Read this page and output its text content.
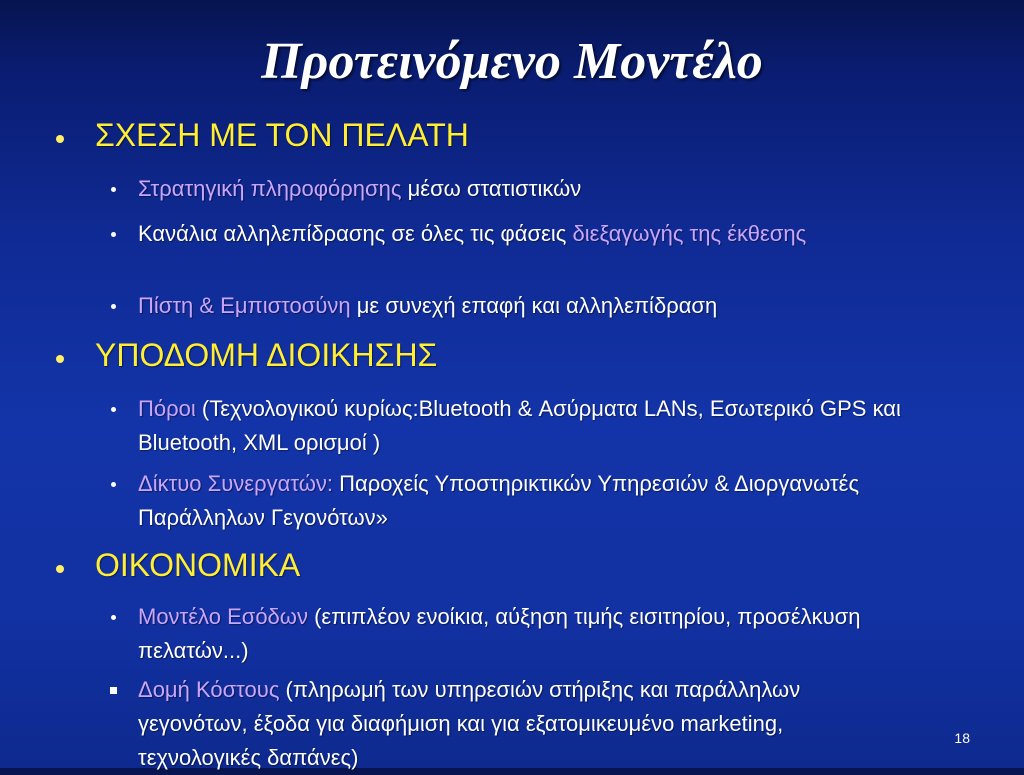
Προτεινόμενο Μοντέλο
ΣΧΕΣΗ ΜΕ ΤΟΝ ΠΕΛΑΤΗ
Στρατηγική πληροφόρησης μέσω στατιστικών
Κανάλια αλληλεπίδρασης σε όλες τις φάσεις διεξαγωγής της έκθεσης
Πίστη & Εμπιστοσύνη με συνεχή επαφή και αλληλεπίδραση
ΥΠΟΔΟΜΗ ΔΙΟΙΚΗΣΗΣ
Πόροι (Τεχνολογικού κυρίως:Bluetooth & Ασύρματα LANs, Εσωτερικό GPS και Bluetooth, XML ορισμοί )
Δίκτυο Συνεργατών: Παροχείς Υποστηρικτικών Υπηρεσιών & Διοργανωτές Παράλληλων Γεγονότων»
ΟΙΚΟΝΟΜΙΚΑ
Μοντέλο Εσόδων (επιπλέον ενοίκια, αύξηση τιμής εισιτηρίου, προσέλκυση πελατών...)
Δομή Κόστους (πληρωμή των υπηρεσιών στήριξης και παράλληλων γεγονότων, έξοδα για διαφήμιση και για εξατομικευμένο marketing, τεχνολογικές δαπάνες)
18
